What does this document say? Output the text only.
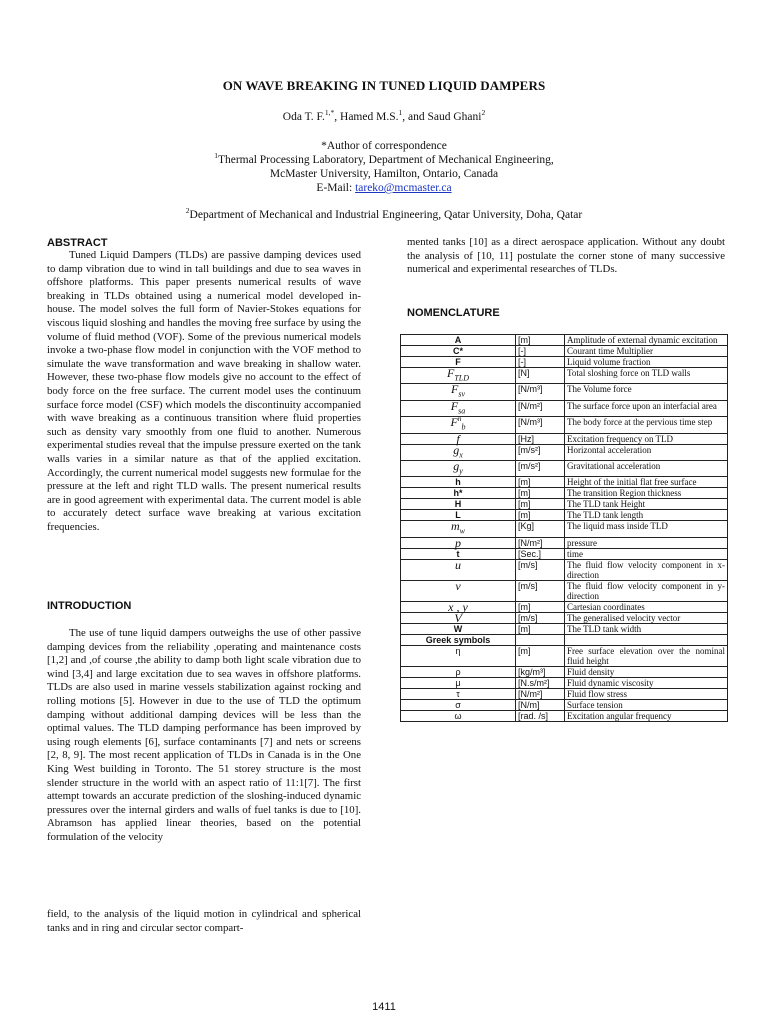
ON WAVE BREAKING IN TUNED LIQUID DAMPERS
Oda T. F.$^{1,*}$, Hamed M.S.$^1$, and Saud Ghani$^2$
*Author of correspondence
$^1$Thermal Processing Laboratory, Department of Mechanical Engineering,
McMaster University, Hamilton, Ontario, Canada
E-Mail: tareko@mcmaster.ca
$^2$Department of Mechanical and Industrial Engineering, Qatar University, Doha, Qatar
ABSTRACT

Tuned Liquid Dampers (TLDs) are passive damping devices used to damp vibration due to wind in tall buildings and due to sea waves in offshore platforms. This paper presents numerical results of wave breaking in TLDs obtained using a numerical model developed in-house. The model solves the full form of Navier-Stokes equations for viscous liquid sloshing and handles the moving free surface by using the volume of fluid method (VOF). Some of the previous numerical models invoke a two-phase flow model in conjunction with the VOF method to simulate the wave transformation and wave breaking in shallow water. However, these two-phase flow models give no account to the effect of body force on the free surface. The current model uses the continuum surface force model (CSF) which models the discontinuity accompanied with wave breaking as a continuous transition where fluid properties such as density vary smoothly from one fluid to another. Numerous experimental studies reveal that the impulse pressure exerted on the tank walls varies in a similar nature as that of the applied excitation. Accordingly, the current numerical model suggests new formulae for the pressure at the left and right TLD walls. The present numerical results are in good agreement with experimental data. The current model is able to accurately detect surface wave breaking at various excitation frequencies.

INTRODUCTION

The use of tune liquid dampers outweighs the use of other passive damping devices from the reliability ,operating and maintenance costs [1,2] and ,of course ,the ability to damp both light scale vibration due to wind [3,4] and large excitation due to sea waves in offshore platforms. TLDs are also used in marine vessels stabilization against rocking and rolling motions [5]. However in due to the use of TLD the optimum damping without additional damping devices will be less than the optimal values. The TLD damping performance has been improved by using rough elements [6], surface contaminants [7] and nets or screens [2, 8, 9]. The most recent application of TLDs in Canada is in the One King West building in Toronto. The 51 storey structure is the most slender structure in the world with an aspect ratio of 11:1[7]. The first attempt towards an accurate prediction of the sloshing-induced dynamic pressures over the internal girders and walls of fuel tanks is due to [10]. Abramson has applied linear theories, based on the potential formulation of the velocity

field, to the analysis of the liquid motion in cylindrical and spherical tanks and in ring and circular sector compart-

mented tanks [10] as a direct aerospace application. Without any doubt the analysis of [10, 11] postulate the corner stone of many successive numerical and experimental researches of TLDs.

NOMENCLATURE
A	[m]	Amplitude of external dynamic excitation
C*	[-]	Courant time Multiplier
F	[-]	Liquid volume fraction
$F_{TLD}$	[N]	Total sloshing force on TLD walls
$F_{sv}$	[N/m³]	The Volume force
$F_{sa}$	[N/m²]	The surface force upon an interfacial area
$F^n_b$	[N/m³]	The body force at the pervious time step
f	[Hz]	Excitation frequency on TLD
$g_x$	[m/s²]	Horizontal acceleration
$g_y$	[m/s²]	Gravitational acceleration
h	[m]	Height of the initial flat free surface
h*	[m]	The transition Region thickness
H	[m]	The TLD tank Height
L	[m]	The TLD tank length
$m_w$	[Kg]	The liquid mass inside TLD
p	[N/m²]	pressure
t	[Sec.]	time
u	[m/s]	The fluid flow velocity component in x-direction
v	[m/s]	The fluid flow velocity component in y-direction
x , y	[m]	Cartesian coordinates
V	[m/s]	The generalised velocity vector
W	[m]	The TLD tank width
Greek symbols		
η	[m]	Free surface elevation over the nominal fluid height
ρ	[kg/m³]	Fluid density
μ	[N.s/m²]	Fluid dynamic viscosity
τ	[N/m²]	Fluid flow stress
σ	[N/m]	Surface tension
ω	[rad. /s]	Excitation angular frequency
1411
